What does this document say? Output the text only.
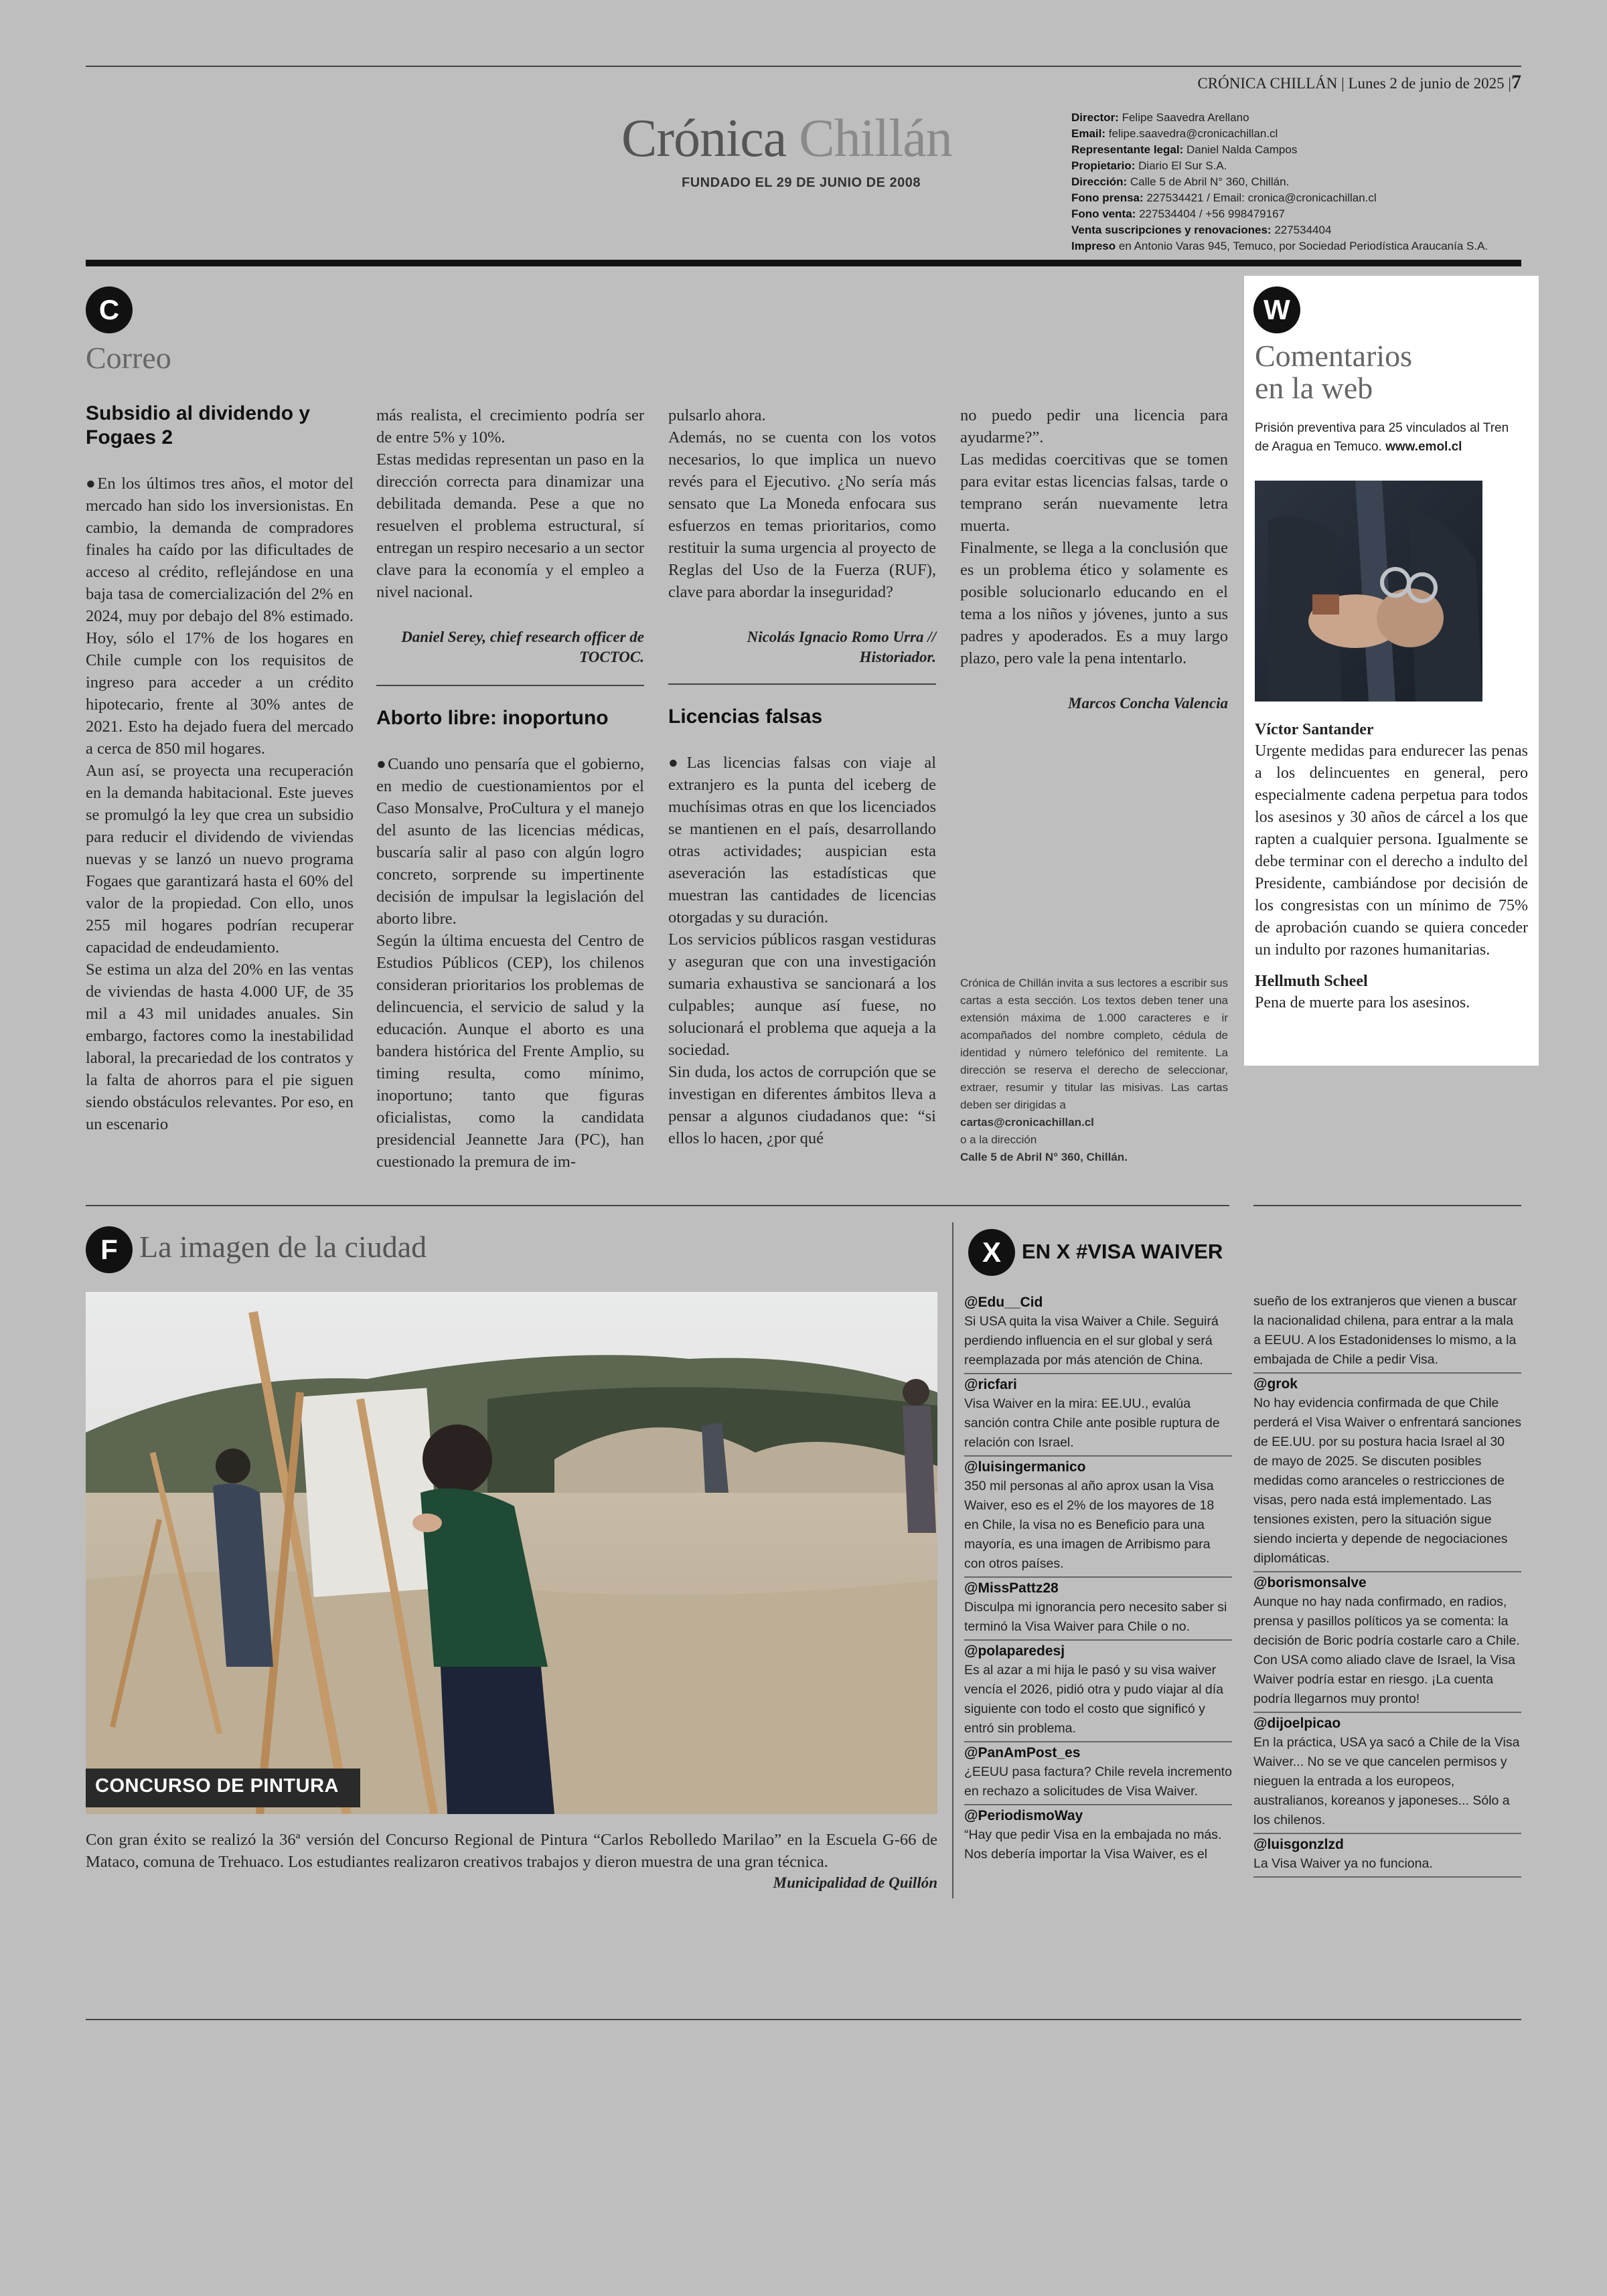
CRÓNICA CHILLÁN | Lunes 2 de junio de 2025 |7
Crónica Chillán
FUNDADO EL 29 DE JUNIO DE 2008
Director: Felipe Saavedra Arellano
Email: felipe.saavedra@cronicachillan.cl
Representante legal: Daniel Nalda Campos
Propietario: Diario El Sur S.A.
Dirección: Calle 5 de Abril N° 360, Chillán.
Fono prensa: 227534421 / Email: cronica@cronicachillan.cl
Fono venta: 227534404 / +56 998479167
Venta suscripciones y renovaciones: 227534404
Impreso en Antonio Varas 945, Temuco, por Sociedad Periodística Araucanía S.A.
C
Correo
Subsidio al dividendo y Fogaes 2

●En los últimos tres años, el motor del mercado han sido los inversionistas. En cambio, la demanda de compradores finales ha caído por las dificultades de acceso al crédito, reflejándose en una baja tasa de comercialización del 2% en 2024, muy por debajo del 8% estimado. Hoy, sólo el 17% de los hogares en Chile cumple con los requisitos de ingreso para acceder a un crédito hipotecario, frente al 30% antes de 2021. Esto ha dejado fuera del mercado a cerca de 850 mil hogares.

Aun así, se proyecta una recuperación en la demanda habitacional. Este jueves se promulgó la ley que crea un subsidio para reducir el dividendo de viviendas nuevas y se lanzó un nuevo programa Fogaes que garantizará hasta el 60% del valor de la propiedad. Con ello, unos 255 mil hogares podrían recuperar capacidad de endeudamiento.

Se estima un alza del 20% en las ventas de viviendas de hasta 4.000 UF, de 35 mil a 43 mil unidades anuales. Sin embargo, factores como la inestabilidad laboral, la precariedad de los contratos y la falta de ahorros para el pie siguen siendo obstáculos relevantes. Por eso, en un escenario

más realista, el crecimiento podría ser de entre 5% y 10%.

Estas medidas representan un paso en la dirección correcta para dinamizar una debilitada demanda. Pese a que no resuelven el problema estructural, sí entregan un respiro necesario a un sector clave para la economía y el empleo a nivel nacional.

Daniel Serey, chief research officer de TOCTOC.
Aborto libre: inoportuno

●Cuando uno pensaría que el gobierno, en medio de cuestionamientos por el Caso Monsalve, ProCultura y el manejo del asunto de las licencias médicas, buscaría salir al paso con algún logro concreto, sorprende su impertinente decisión de impulsar la legislación del aborto libre.

Según la última encuesta del Centro de Estudios Públicos (CEP), los chilenos consideran prioritarios los problemas de delincuencia, el servicio de salud y la educación. Aunque el aborto es una bandera histórica del Frente Amplio, su timing resulta, como mínimo, inoportuno; tanto que figuras oficialistas, como la candidata presidencial Jeannette Jara (PC), han cuestionado la premura de im-

pulsarlo ahora.

Además, no se cuenta con los votos necesarios, lo que implica un nuevo revés para el Ejecutivo. ¿No sería más sensato que La Moneda enfocara sus esfuerzos en temas prioritarios, como restituir la suma urgencia al proyecto de Reglas del Uso de la Fuerza (RUF), clave para abordar la inseguridad?

Nicolás Ignacio Romo Urra // Historiador.
Licencias falsas

●Las licencias falsas con viaje al extranjero es la punta del iceberg de muchísimas otras en que los licenciados se mantienen en el país, desarrollando otras actividades; auspician esta aseveración las estadísticas que muestran las cantidades de licencias otorgadas y su duración.

Los servicios públicos rasgan vestiduras y aseguran que con una investigación sumaria exhaustiva se sancionará a los culpables; aunque así fuese, no solucionará el problema que aqueja a la sociedad.

Sin duda, los actos de corrupción que se investigan en diferentes ámbitos lleva a pensar a algunos ciudadanos que: “si ellos lo hacen, ¿por qué

no puedo pedir una licencia para ayudarme?”.

Las medidas coercitivas que se tomen para evitar estas licencias falsas, tarde o temprano serán nuevamente letra muerta.

Finalmente, se llega a la conclusión que es un problema ético y solamente es posible solucionarlo educando en el tema a los niños y jóvenes, junto a sus padres y apoderados. Es a muy largo plazo, pero vale la pena intentarlo.

Marcos Concha Valencia
Crónica de Chillán invita a sus lectores a escribir sus cartas a esta sección. Los textos deben tener una extensión máxima de 1.000 caracteres e ir acompañados del nombre completo, cédula de identidad y número telefónico del remitente. La dirección se reserva el derecho de seleccionar, extraer, resumir y titular las misivas. Las cartas deben ser dirigidas a
cartas@cronicachillan.cl
o a la dirección
Calle 5 de Abril N° 360, Chillán.
W
Comentarios
en la web
Prisión preventiva para 25 vinculados al Tren de Aragua en Temuco. www.emol.cl
Víctor Santander
Urgente medidas para endurecer las penas a los delincuentes en general, pero especialmente cadena perpetua para todos los asesinos y 30 años de cárcel a los que rapten a cualquier persona. Igualmente se debe terminar con el derecho a indulto del Presidente, cambiándose por decisión de los congresistas con un mínimo de 75% de aprobación cuando se quiera conceder un indulto por razones humanitarias.
Hellmuth Scheel
Pena de muerte para los asesinos.
F La imagen de la ciudad
CONCURSO DE PINTURA
Con gran éxito se realizó la 36ª versión del Concurso Regional de Pintura “Carlos Rebolledo Marilao” en la Escuela G-66 de Mataco, comuna de Trehuaco. Los estudiantes realizaron creativos trabajos y dieron muestra de una gran técnica.
Municipalidad de Quillón
X	EN X #VISA WAIVER
@Edu__Cid
Si USA quita la visa Waiver a Chile. Seguirá perdiendo influencia en el sur global y será reemplazada por más atención de China.
@ricfari
Visa Waiver en la mira: EE.UU., evalúa sanción contra Chile ante posible ruptura de relación con Israel.
@luisingermanico
350 mil personas al año aprox usan la Visa Waiver, eso es el 2% de los mayores de 18 en Chile, la visa no es Beneficio para una mayoría, es una imagen de Arribismo para con otros países.
@MissPattz28
Disculpa mi ignorancia pero necesito saber si terminó la Visa Waiver para Chile o no.
@polaparedesj
Es al azar a mi hija le pasó y su visa waiver vencía el 2026, pidió otra y pudo viajar al día siguiente con todo el costo que significó y entró sin problema.
@PanAmPost_es
¿EEUU pasa factura? Chile revela incremento en rechazo a solicitudes de Visa Waiver.
@PeriodismoWay
“Hay que pedir Visa en la embajada no más. Nos debería importar la Visa Waiver, es el
sueño de los extranjeros que vienen a buscar la nacionalidad chilena, para entrar a la mala a EEUU. A los Estadonidenses lo mismo, a la embajada de Chile a pedir Visa.
@grok
No hay evidencia confirmada de que Chile perderá el Visa Waiver o enfrentará sanciones de EE.UU. por su postura hacia Israel al 30 de mayo de 2025. Se discuten posibles medidas como aranceles o restricciones de visas, pero nada está implementado. Las tensiones existen, pero la situación sigue siendo incierta y depende de negociaciones diplomáticas.
@borismonsalve
Aunque no hay nada confirmado, en radios, prensa y pasillos políticos ya se comenta: la decisión de Boric podría costarle caro a Chile. Con USA como aliado clave de Israel, la Visa Waiver podría estar en riesgo. ¡La cuenta podría llegarnos muy pronto!
@dijoelpicao
En la práctica, USA ya sacó a Chile de la Visa Waiver... No se ve que cancelen permisos y nieguen la entrada a los europeos, australianos, koreanos y japoneses... Sólo a los chilenos.
@luisgonzlzd
La Visa Waiver ya no funciona.
